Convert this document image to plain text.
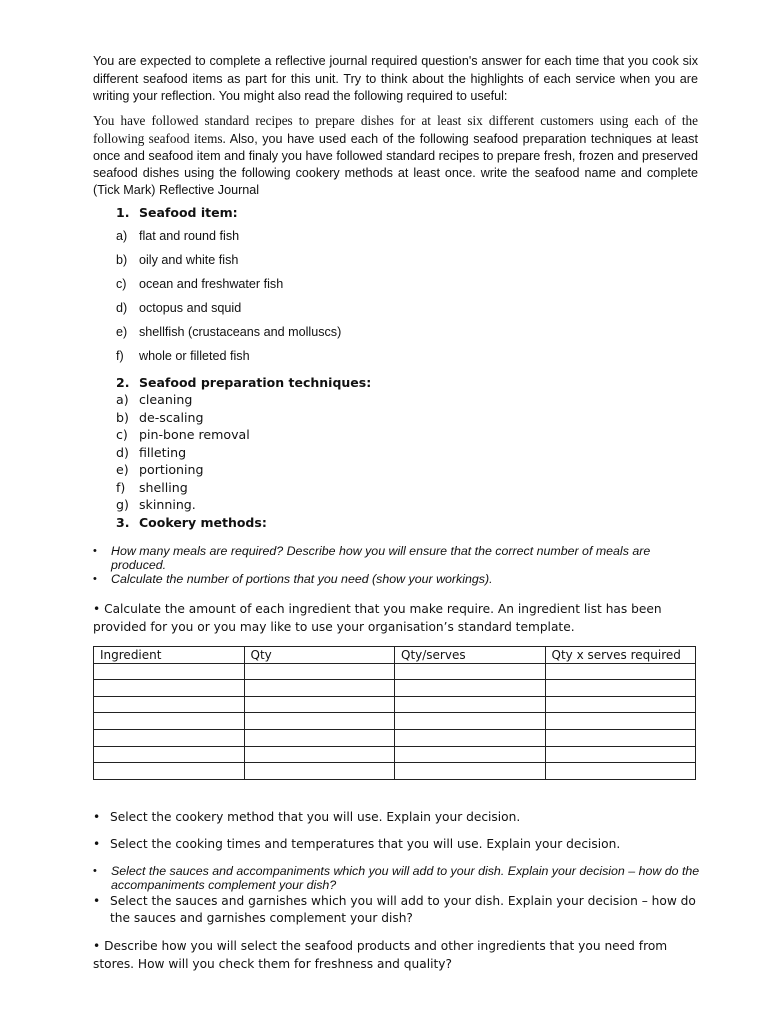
You are expected to complete a reflective journal required question's answer for each time that you cook six different seafood items as part for this unit. Try to think about the highlights of each service when you are writing your reflection. You might also read the following required to useful:
You have followed standard recipes to prepare dishes for at least six different customers using each of the following seafood items. Also, you have used each of the following seafood preparation techniques at least once and seafood item and finaly you have followed standard recipes to prepare fresh, frozen and preserved seafood dishes using the following cookery methods at least once. write the seafood name and complete (Tick Mark) Reflective Journal
1. Seafood item:
a) flat and round fish
b) oily and white fish
c) ocean and freshwater fish
d) octopus and squid
e) shellfish (crustaceans and molluscs)
f) whole or filleted fish
2. Seafood preparation techniques:
a) cleaning
b) de-scaling
c) pin-bone removal
d) filleting
e) portioning
f) shelling
g) skinning.
3. Cookery methods:
• How many meals are required? Describe how you will ensure that the correct number of meals are produced.
• Calculate the number of portions that you need (show your workings).
• Calculate the amount of each ingredient that you make require. An ingredient list has been provided for you or you may like to use your organisation’s standard template.
Ingredient	Qty	Qty/serves	Qty x serves required

• Select the cookery method that you will use. Explain your decision.
• Select the cooking times and temperatures that you will use. Explain your decision.
• Select the sauces and accompaniments which you will add to your dish. Explain your decision – how do the accompaniments complement your dish?
• Select the sauces and garnishes which you will add to your dish. Explain your decision – how do the sauces and garnishes complement your dish?
• Describe how you will select the seafood products and other ingredients that you need from stores. How will you check them for freshness and quality?
